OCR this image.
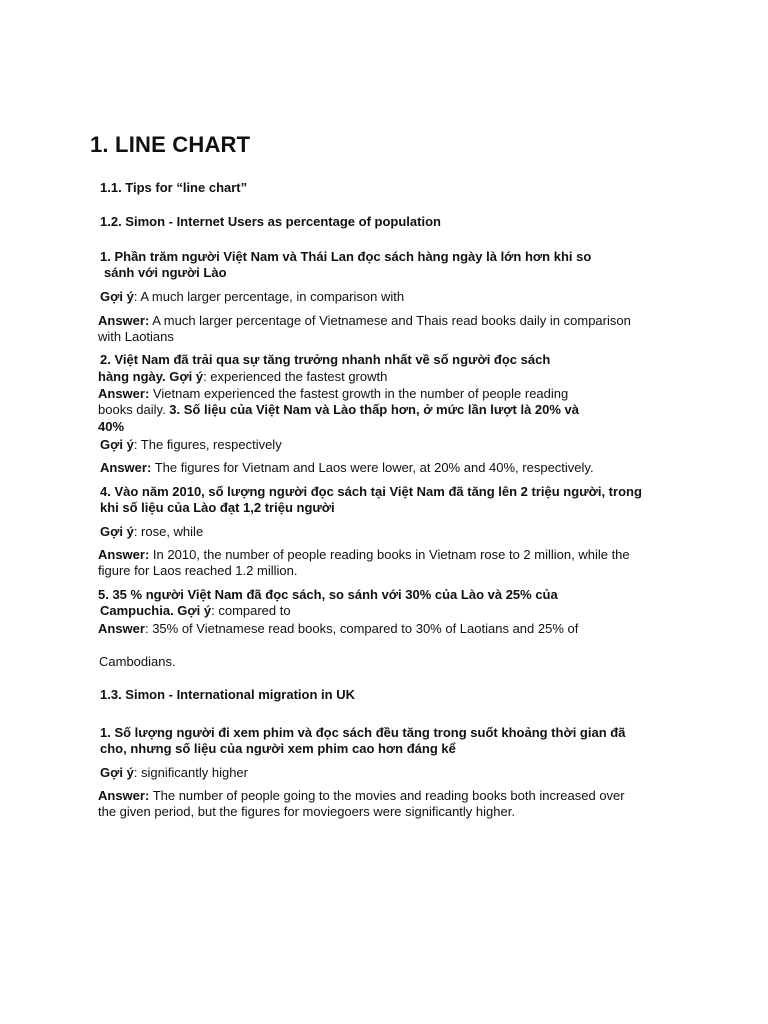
1. LINE CHART
1.1. Tips for “line chart”
1.2. Simon - Internet Users as percentage of population
1. Phần trăm người Việt Nam và Thái Lan đọc sách hàng ngày là lớn hơn khi so
sánh với người Lào
Gợi ý: A much larger percentage, in comparison with
Answer: A much larger percentage of Vietnamese and Thais read books daily in comparison
with Laotians
2. Việt Nam đã trải qua sự tăng trưởng nhanh nhất về số người đọc sách
hàng ngày. Gợi ý: experienced the fastest growth
Answer: Vietnam experienced the fastest growth in the number of people reading
books daily. 3. Số liệu của Việt Nam và Lào thấp hơn, ở mức lần lượt là 20% và
40%
Gợi ý: The figures, respectively
Answer: The figures for Vietnam and Laos were lower, at 20% and 40%, respectively.
4. Vào năm 2010, số lượng người đọc sách tại Việt Nam đã tăng lên 2 triệu người, trong
khi số liệu của Lào đạt 1,2 triệu người
Gợi ý: rose, while
Answer: In 2010, the number of people reading books in Vietnam rose to 2 million, while the
figure for Laos reached 1.2 million.
5. 35 % người Việt Nam đã đọc sách, so sánh với 30% của Lào và 25% của
Campuchia. Gợi ý: compared to
Answer: 35% of Vietnamese read books, compared to 30% of Laotians and 25% of
Cambodians.
1.3. Simon - International migration in UK
1. Số lượng người đi xem phim và đọc sách đều tăng trong suốt khoảng thời gian đã
cho, nhưng số liệu của người xem phim cao hơn đáng kể
Gợi ý: significantly higher
Answer: The number of people going to the movies and reading books both increased over
the given period, but the figures for moviegoers were significantly higher.
